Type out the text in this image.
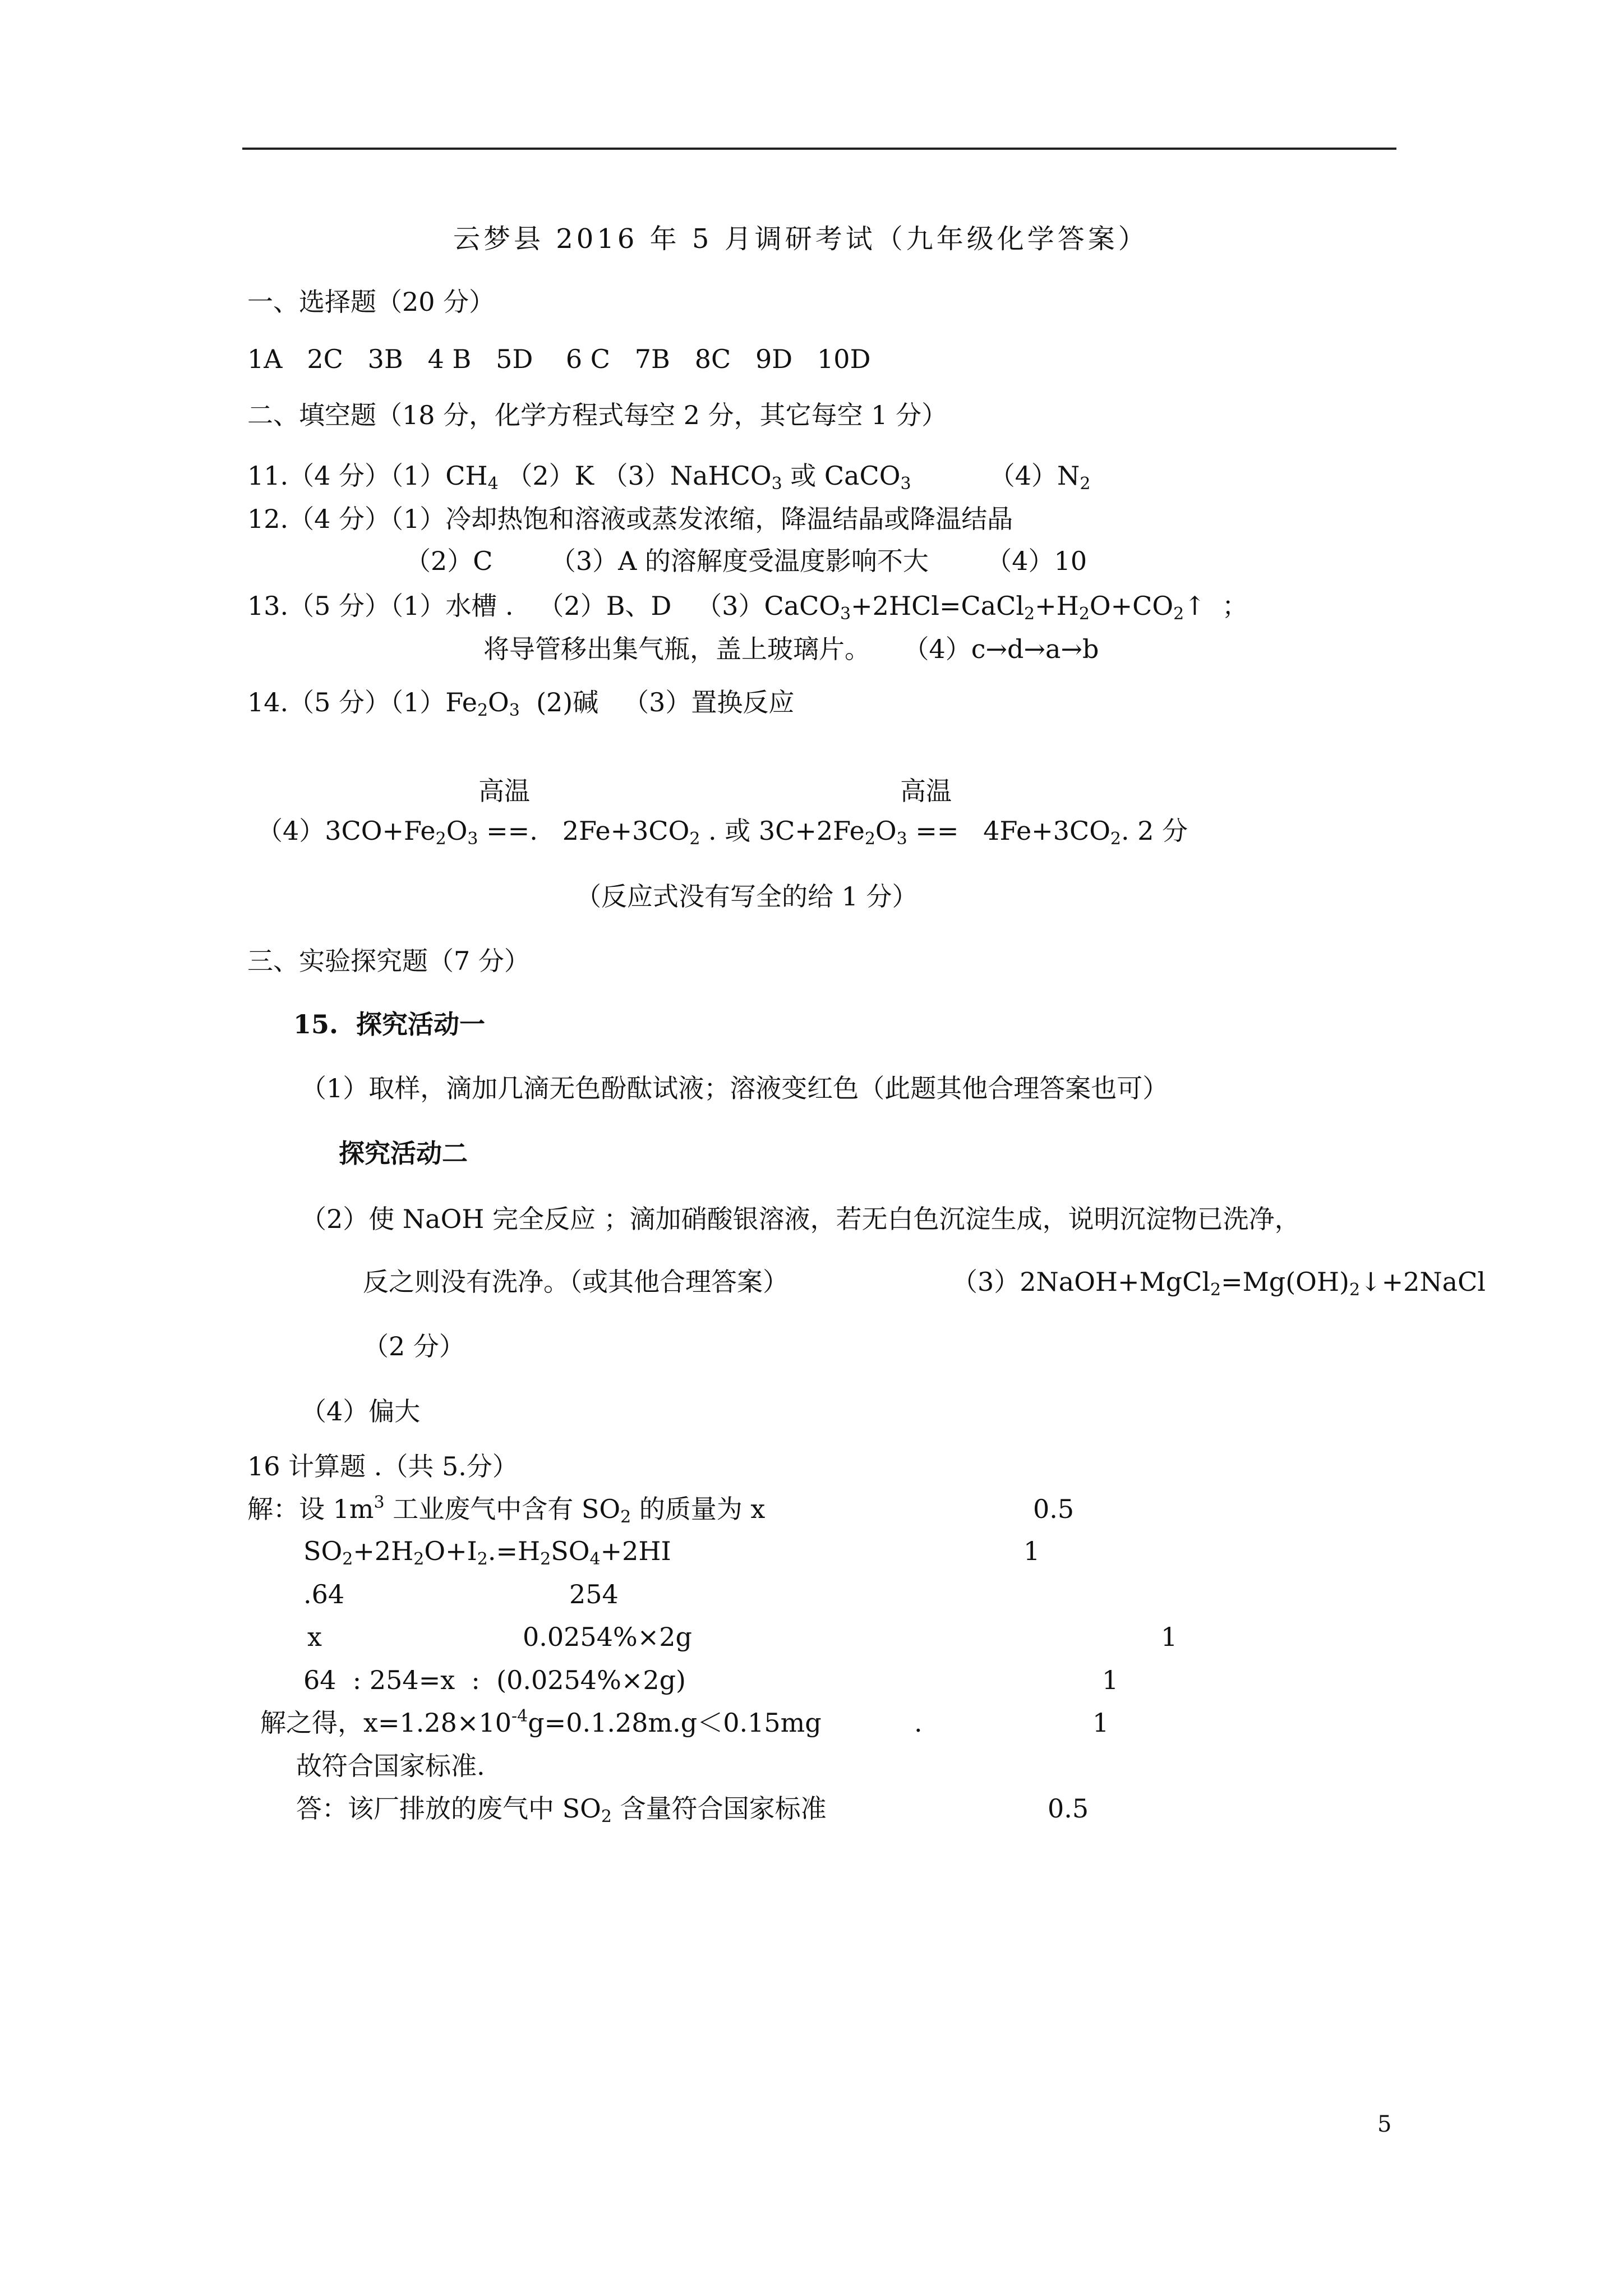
云梦县 2016 年 5 月调研考试（九年级化学答案）
一、选择题（20 分）
1A   2C   3B   4 B   5D    6 C   7B   8C   9D   10D
二、填空题（18 分，化学方程式每空 2 分，其它每空 1 分）
11.（4 分）$(1)CH_4$ （2）K （3）NaHCO$_3$ 或 CaCO$_3$	$(4)N_2$
12.（4 分）（1）冷却热饱和溶液或蒸发浓缩，降温结晶或降温结晶
（2）C       （3）A 的溶解度受温度影响不大       （4）10
13.（5 分）（1）水槽 .   （2）B、D   $(3)CaCO_3+2HCl=CaCl_2+H_2O+CO_2↑$  ；
将导管移出集气瓶，盖上玻璃片。    （4）c→d→a→b
14.（5 分）$(1)Fe_2O_3$  (2)碱   （3）置换反应
高温	高温
$(4)3CO+Fe_2O_3$ ==.   $2Fe+3CO_2$ . 或 $3C+2Fe_2O_3 == 4Fe+3CO_2$. 2 分
（反应式没有写全的给 1 分）
三、实验探究题（7 分）
15.  探究活动一
（1）取样，滴加几滴无色酚酞试液；溶液变红色（此题其他合理答案也可）
探究活动二
（2）使 NaOH 完全反应 ；滴加硝酸银溶液，若无白色沉淀生成，说明沉淀物已洗净，
反之则没有洗净。（或其他合理答案）	$(3)2NaOH+MgCl_2=Mg(OH)_2↓+2NaCl$
（2 分）
（4）偏大
16 计算题 .（共 5.分）
解：设 $1m^3$ 工业废气中含有 $SO_2$ 的质量为 x	0.5
$SO_2+2H_2O+I_2.=H_2SO_4+2HI$	1
.64	254
x	0.0254%×2g	1
64  : 254=x  :  (0.0254%×2g)	1
解之得，$x=1.28\times 10^{-4}g=0.1.28m.g<0.15mg$	.	1
故符合国家标准.
答：该厂排放的废气中 $SO_2$ 含量符合国家标准	0.5
5
